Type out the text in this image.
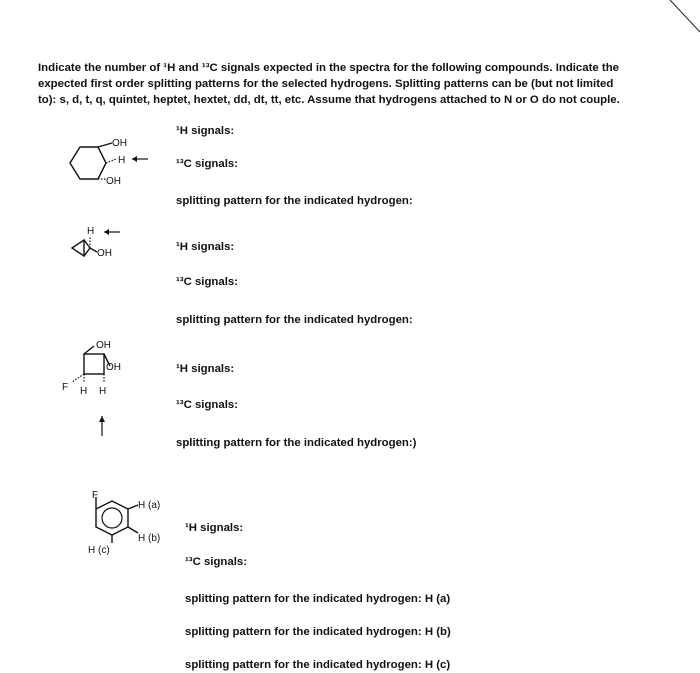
Indicate the number of ¹H and ¹³C signals expected in the spectra for the following compounds. Indicate the

expected first order splitting patterns for the selected hydrogens. Splitting patterns can be (but not limited

to): s, d, t, q, quintet, heptet, hextet, dd, dt, tt, etc. Assume that hydrogens attached to N or O do not couple.

OH
H
OH
¹H signals:
¹³C signals:
splitting pattern for the indicated hydrogen:
H
OH
¹H signals:
¹³C signals:
splitting pattern for the indicated hydrogen:
OH
OH
F H H
¹H signals:
¹³C signals:
splitting pattern for the indicated hydrogen:)
F
H (a)
H (b)
H (c)
¹H signals:
¹³C signals:
splitting pattern for the indicated hydrogen: H (a)
splitting pattern for the indicated hydrogen: H (b)
splitting pattern for the indicated hydrogen: H (c)
